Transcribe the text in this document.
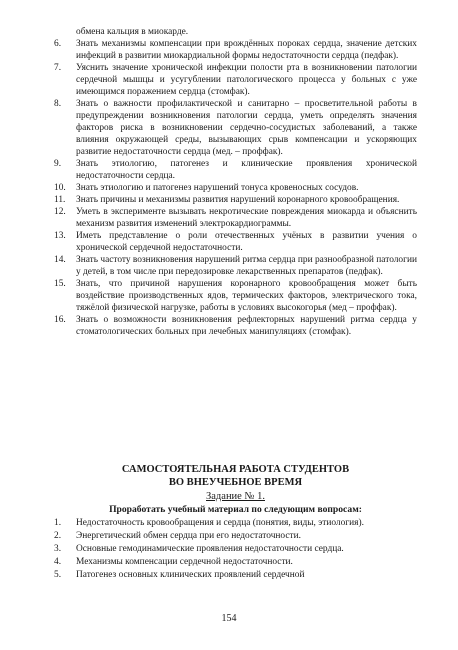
обмена кальция в миокарде.

6.	Знать механизмы компенсации при врождённых пороках сердца, значение детских инфекций в развитии миокардиальной формы недостаточности сердца (педфак).
7.	Уяснить значение хронической инфекции полости рта в возникновении патологии сердечной мышцы и усугублении патологического процесса у больных с уже имеющимся поражением сердца (стомфак).
8.	Знать о важности профилактической и санитарно – просветительной работы в предупреждении возникновения патологии сердца, уметь определять значения факторов риска в возникновении сердечно-сосудистых заболеваний, а также влияния окружающей среды, вызывающих срыв компенсации и ускоряющих развитие недостаточности сердца (мед. – проффак).
9.	Знать этиологию, патогенез и клинические проявления хронической недостаточности сердца.
10.	Знать этиологию и патогенез нарушений тонуса кровеносных сосудов.
11.	Знать причины и механизмы развития нарушений коронарного кровообращения.
12.	Уметь в эксперименте вызывать некротические повреждения миокарда и объяснить механизм развития изменений электрокардиограммы.
13.	Иметь представление о роли отечественных учёных в развитии учения о хронической сердечной недостаточности.
14.	Знать частоту возникновения нарушений ритма сердца при разнообразной патологии у детей, в том числе при передозировке лекарственных препаратов (педфак).
15.	Знать, что причиной нарушения коронарного кровообращения может быть воздействие производственных ядов, термических факторов, электрического тока, тяжёлой физической нагрузке, работы в условиях высокогорья (мед – проффак).
16.	Знать о возможности возникновения рефлекторных нарушений ритма сердца у стоматологических больных при лечебных манипуляциях (стомфак).

САМОСТОЯТЕЛЬНАЯ РАБОТА СТУДЕНТОВ

ВО ВНЕУЧЕБНОЕ ВРЕМЯ

Задание № 1.

Проработать учебный материал по следующим вопросам:

1.	Недостаточность кровообращения и сердца (понятия, виды, этиология).
2.	Энергетический обмен сердца при его недостаточности.
3.	Основные гемодинамические проявления недостаточности сердца.
4.	Механизмы компенсации сердечной недостаточности.
5.	Патогенез основных клинических проявлений сердечной

154
